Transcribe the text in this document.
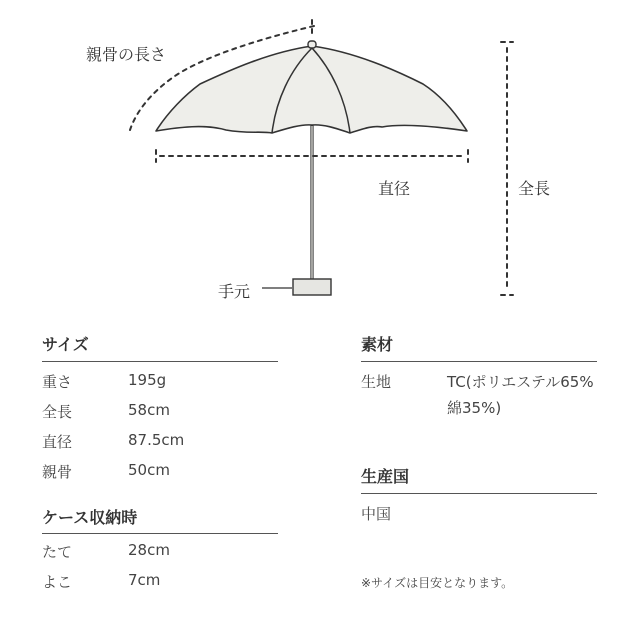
親骨の長さ
直径	全長
手元
サイズ
重さ	195g
全長	58cm
直径	87.5cm
親骨	50cm
ケース収納時
たて	28cm
よこ	7cm
素材
生地	TC(ポリエステル65%
綿35%)
生産国
中国
※サイズは目安となります。
